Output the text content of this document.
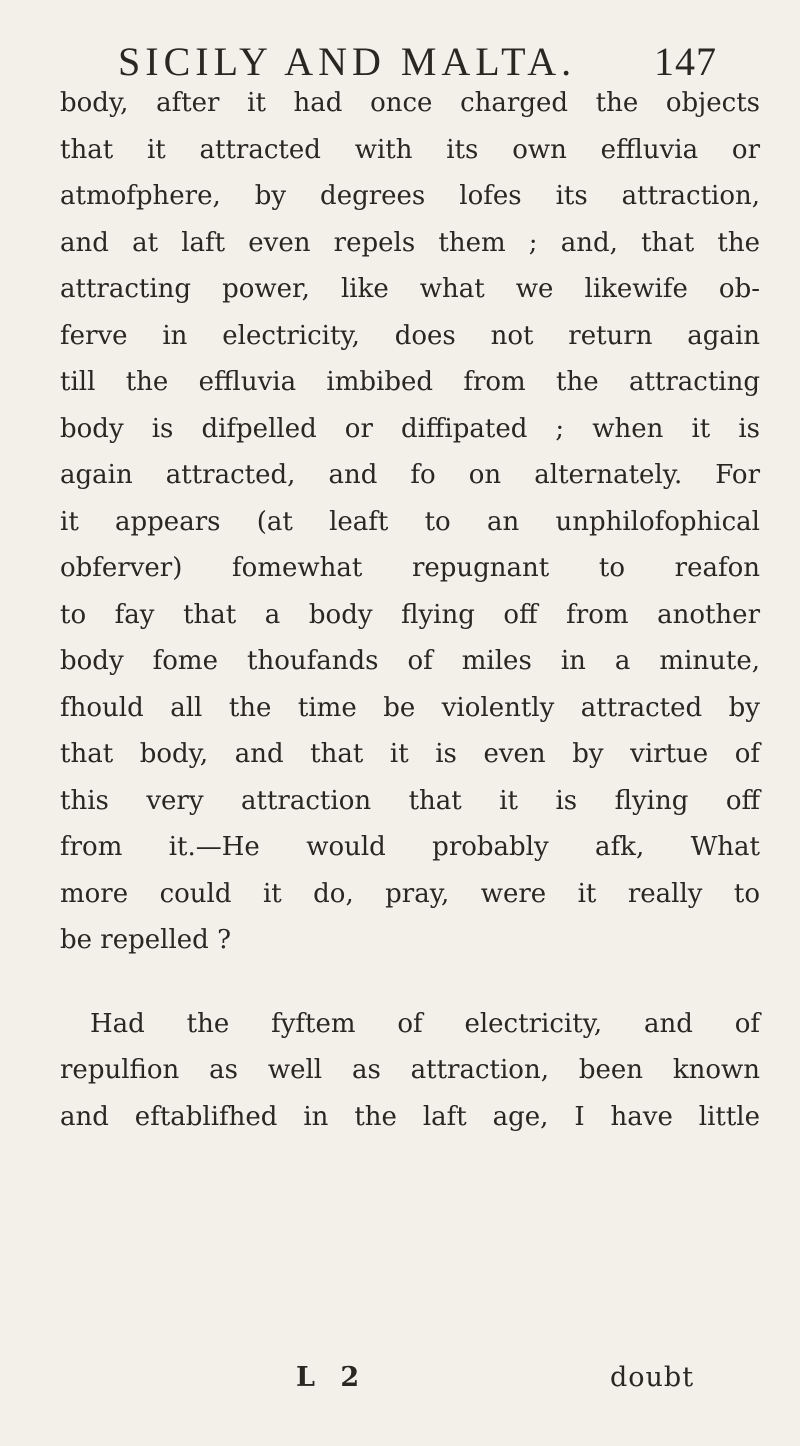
SICILY AND MALTA. 147
body, after it had once charged the objects
that it attracted with its own effluvia or
atmofphere, by degrees lofes its attraction,
and at laft even repels them ; and, that the
attracting power, like what we likewife ob-
ferve in electricity, does not return again
till the effluvia imbibed from the attracting
body is difpelled or diffipated ; when it is
again attracted, and fo on alternately. For
it appears (at leaft to an unphilofophical
obferver) fomewhat repugnant to reafon
to fay that a body flying off from another
body fome thoufands of miles in a minute,
fhould all the time be violently attracted by
that body, and that it is even by virtue of
this very attraction that it is flying off
from it.—He would probably afk, What
more could it do, pray, were it really to
be repelled ?
Had the fyftem of electricity, and of
repulfion as well as attraction, been known
and eftablifhed in the laft age, I have little
L 2	doubt
